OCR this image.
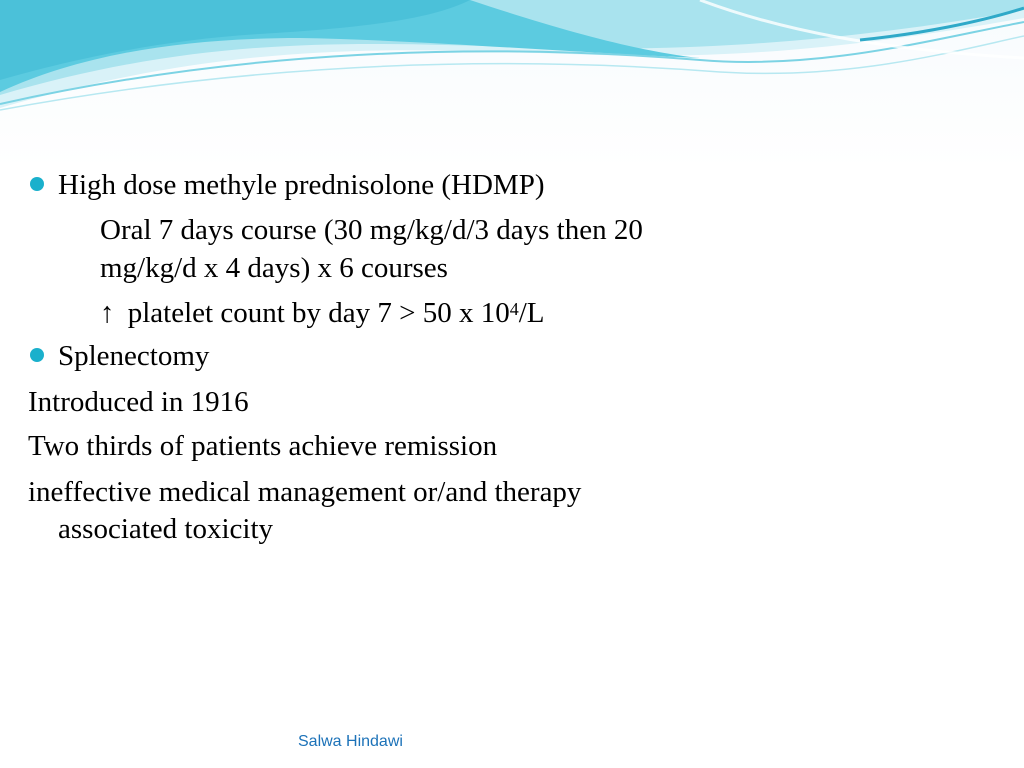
High dose methyle prednisolone (HDMP)
Oral 7 days course (30 mg/kg/d/3 days then 20
mg/kg/d x 4 days) x 6 courses
↑ platelet count by day 7 > 50 x $10^4/L$
Splenectomy
Introduced in 1916
Two thirds of patients achieve remission
ineffective medical management or/and therapy
associated toxicity
Salwa Hindawi
